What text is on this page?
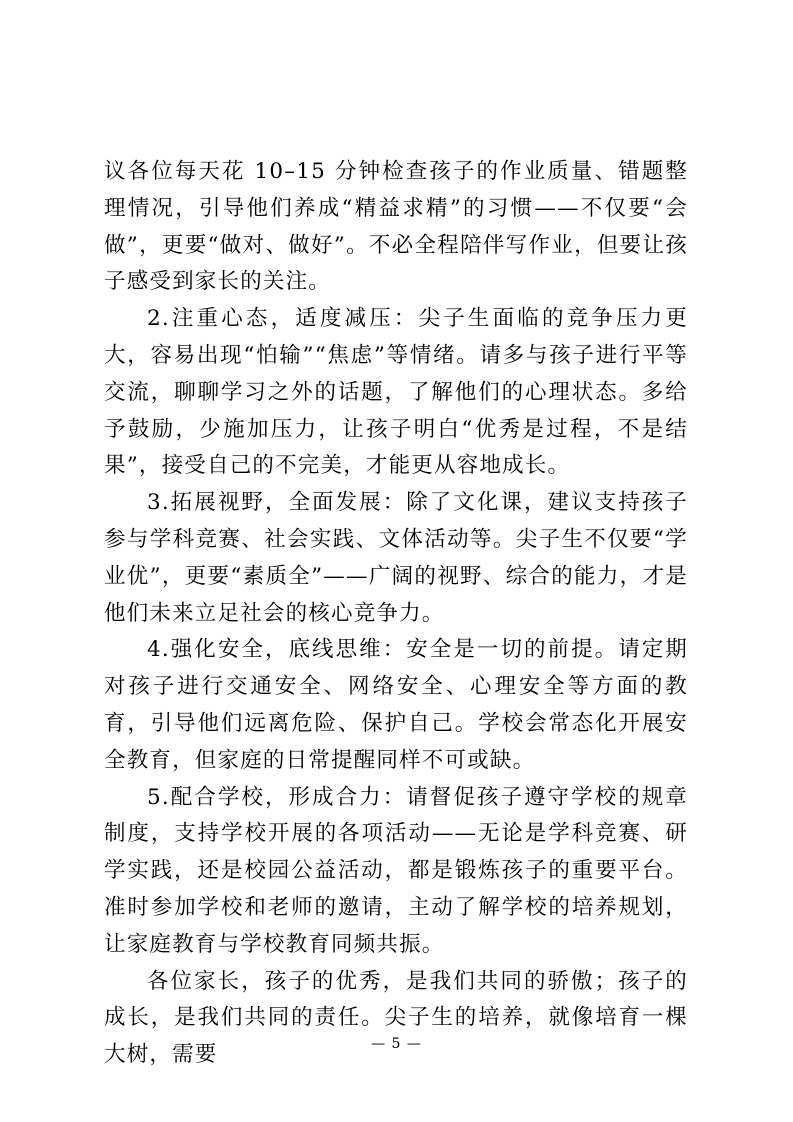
议各位每天花 10–15 分钟检查孩子的作业质量、错题整理情况，引导他们养成“精益求精”的习惯——不仅要“会做”，更要“做对、做好”。不必全程陪伴写作业，但要让孩子感受到家长的关注。

2.注重心态，适度减压：尖子生面临的竞争压力更大，容易出现“怕输”“焦虑”等情绪。请多与孩子进行平等交流，聊聊学习之外的话题，了解他们的心理状态。多给予鼓励，少施加压力，让孩子明白“优秀是过程，不是结果”，接受自己的不完美，才能更从容地成长。

3.拓展视野，全面发展：除了文化课，建议支持孩子参与学科竞赛、社会实践、文体活动等。尖子生不仅要“学业优”，更要“素质全”——广阔的视野、综合的能力，才是他们未来立足社会的核心竞争力。

4.强化安全，底线思维：安全是一切的前提。请定期对孩子进行交通安全、网络安全、心理安全等方面的教育，引导他们远离危险、保护自己。学校会常态化开展安全教育，但家庭的日常提醒同样不可或缺。

5.配合学校，形成合力：请督促孩子遵守学校的规章制度，支持学校开展的各项活动——无论是学科竞赛、研学实践，还是校园公益活动，都是锻炼孩子的重要平台。准时参加学校和老师的邀请，主动了解学校的培养规划，让家庭教育与学校教育同频共振。

各位家长，孩子的优秀，是我们共同的骄傲；孩子的成长，是我们共同的责任。尖子生的培养，就像培育一棵大树，需要	— 5 —
